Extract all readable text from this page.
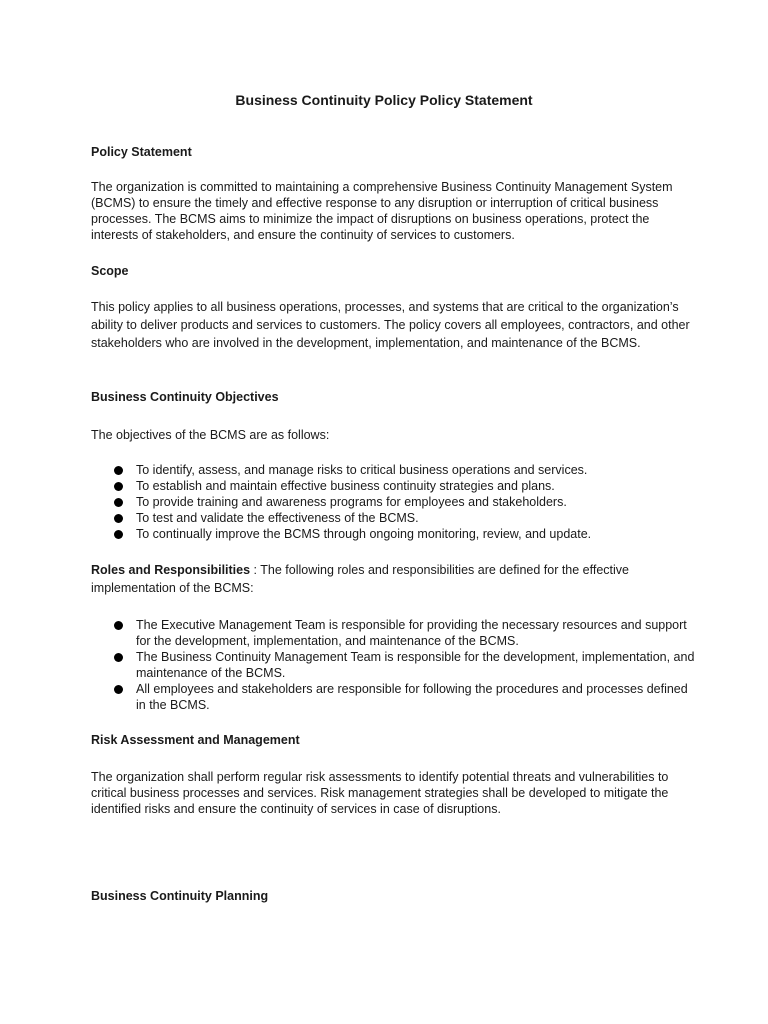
Business Continuity Policy Policy Statement
Policy Statement

The organization is committed to maintaining a comprehensive Business Continuity Management System (BCMS) to ensure the timely and effective response to any disruption or interruption of critical business processes. The BCMS aims to minimize the impact of disruptions on business operations, protect the interests of stakeholders, and ensure the continuity of services to customers.

Scope

This policy applies to all business operations, processes, and systems that are critical to the organization’s ability to deliver products and services to customers. The policy covers all employees, contractors, and other stakeholders who are involved in the development, implementation, and maintenance of the BCMS.

Business Continuity Objectives

The objectives of the BCMS are as follows:

To identify, assess, and manage risks to critical business operations and services.
To establish and maintain effective business continuity strategies and plans.
To provide training and awareness programs for employees and stakeholders.
To test and validate the effectiveness of the BCMS.
To continually improve the BCMS through ongoing monitoring, review, and update.

Roles and Responsibilities : The following roles and responsibilities are defined for the effective implementation of the BCMS:

The Executive Management Team is responsible for providing the necessary resources and support for the development, implementation, and maintenance of the BCMS.
The Business Continuity Management Team is responsible for the development, implementation, and maintenance of the BCMS.
All employees and stakeholders are responsible for following the procedures and processes defined in the BCMS.
Risk Assessment and Management

The organization shall perform regular risk assessments to identify potential threats and vulnerabilities to critical business processes and services. Risk management strategies shall be developed to mitigate the identified risks and ensure the continuity of services in case of disruptions.

Business Continuity Planning
